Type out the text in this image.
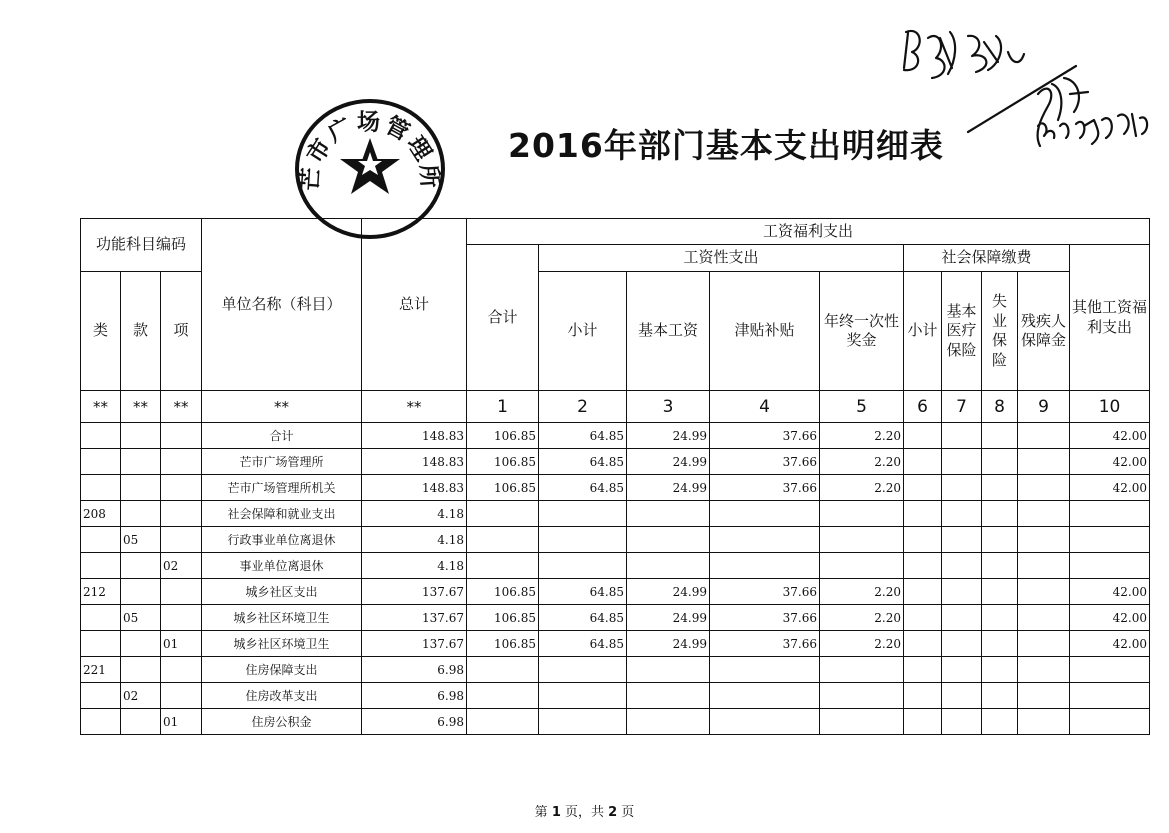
芒市广场管理所
2016年部门基本支出明细表
功能科目编码			单位名称（科目）	总计	工资福利支出									
					合计	工资性支出				社会保障缴费				其他工资福利支出
类	款	项				小计	基本工资	津贴补贴	年终一次性奖金	小计	基本医疗保险	失业保险	残疾人保障金	
**	**	**	**	**	1	2	3	4	5	6	7	8	9	10
			合计	148.83	106.85	64.85	24.99	37.66	2.20					42.00
			芒市广场管理所	148.83	106.85	64.85	24.99	37.66	2.20					42.00
			芒市广场管理所机关	148.83	106.85	64.85	24.99	37.66	2.20					42.00
208			社会保障和就业支出	4.18										
	05		行政事业单位离退休	4.18										
		02	事业单位离退休	4.18										
212			城乡社区支出	137.67	106.85	64.85	24.99	37.66	2.20					42.00
	05		城乡社区环境卫生	137.67	106.85	64.85	24.99	37.66	2.20					42.00
		01	城乡社区环境卫生	137.67	106.85	64.85	24.99	37.66	2.20					42.00
221			住房保障支出	6.98										
	02		住房改革支出	6.98										
		01	住房公积金	6.98										
第 1 页，共 2 页
